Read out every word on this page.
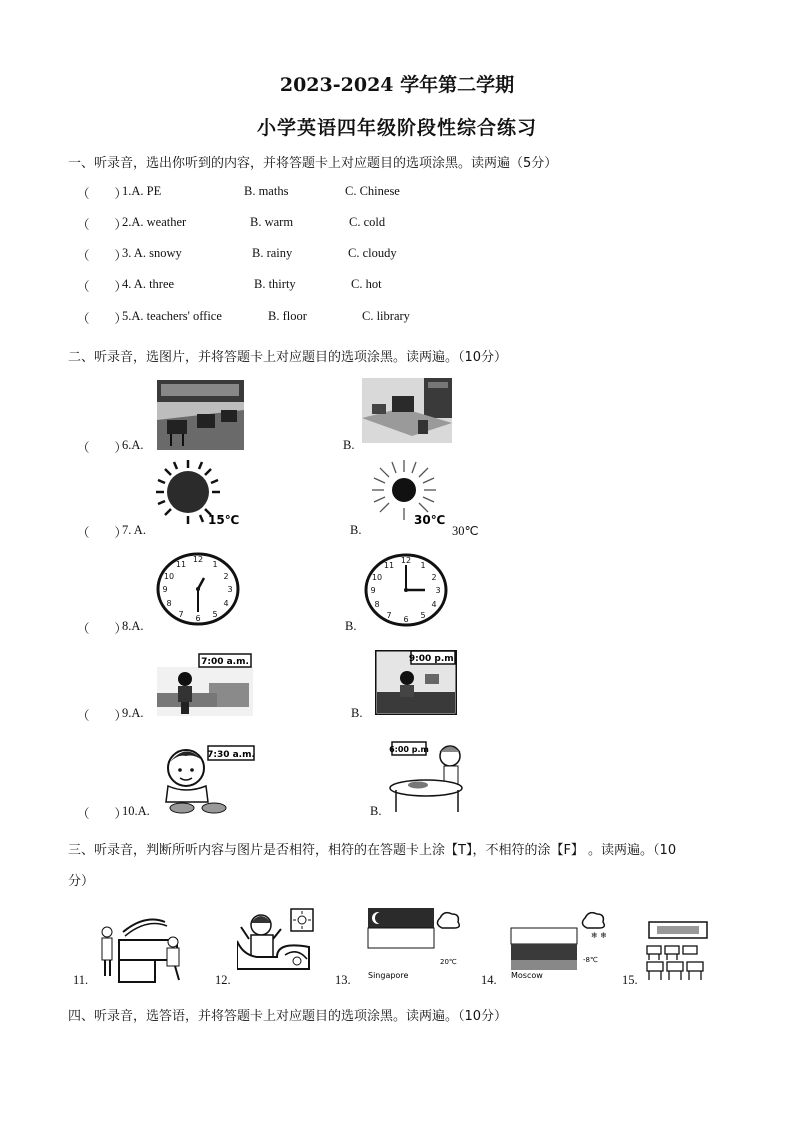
2023-2024 学年第二学期
小学英语四年级阶段性综合练习
一、听录音，选出你听到的内容，并将答题卡上对应题目的选项涂黑。读两遍（5分）
（　　）
1.A. PE	B. maths	C. Chinese
（　　）
2.A. weather	B. warm	C. cold
（　　）
3. A. snowy	B. rainy	C. cloudy
（　　）
4. A. three	B. thirty	C. hot
（　　）
5.A. teachers' office	B. floor	C. library
二、听录音，选图片，并将答题卡上对应题目的选项涂黑。读两遍。（10分）
（　　）
6.A.	B.
15℃	30℃
（　　）
7. A.	B.	30℃
12
1
2
3
4
5
6
7
8
9
10
11	12
1
2
3
4
5
6
7
8
9
10
11
（　　）
8.A.	B.
7:00 a.m.	9:00 p.m.
（　　）
9.A.	B.
7:30 a.m.
6:00 p.m
（　　）
10.A.	B.
三、听录音，判断所听内容与图片是否相符，相符的在答题卡上涂【T】，不相符的涂【F】 。读两遍。（10
分）
11.	12.	Singapore
20℃
13.
❄ ❄
Moscow
-8℃
14.	15.
四、听录音，选答语，并将答题卡上对应题目的选项涂黑。读两遍。（10分）
